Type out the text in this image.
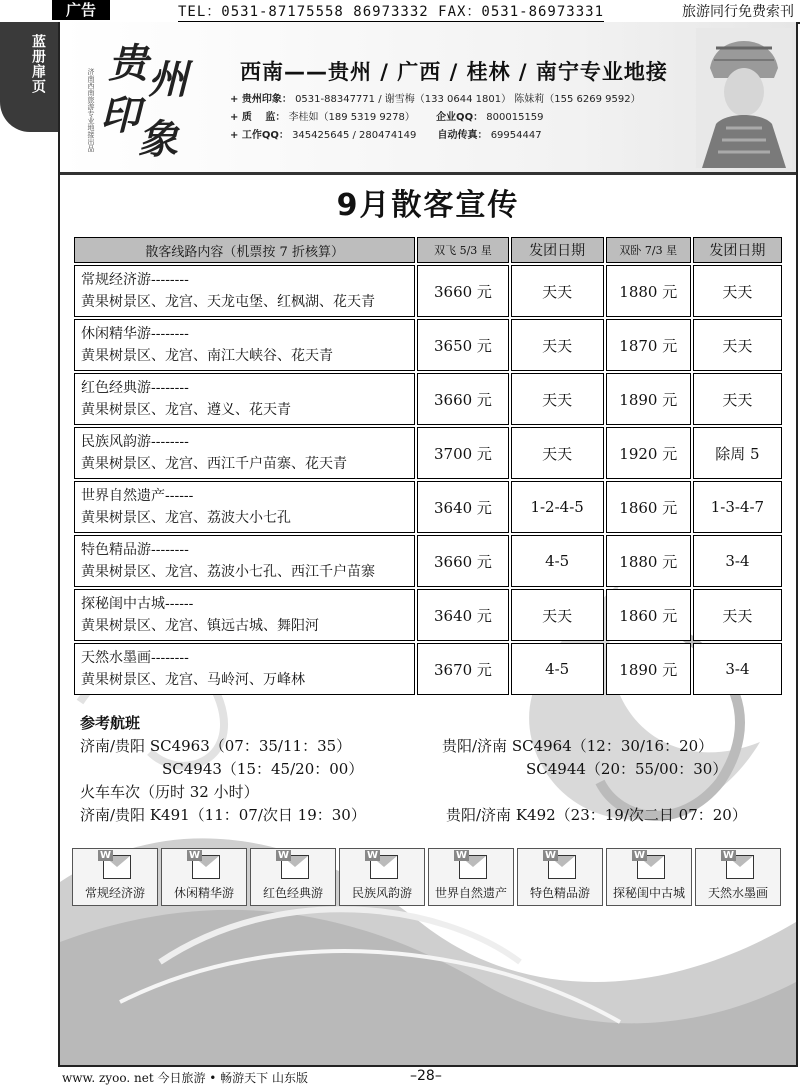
广告	TEL：0531-87175558 86973332 FAX：0531-86973331	旅游同行免费索刊
蓝册扉页 贵 州
印
象
济南西南旅游专业地接出品	西南——贵州 / 广西 / 桂林 / 南宁专业地接
+ 贵州印象： 0531-88347771 / 谢雪梅（133 0644 1801） 陈妹莉（155 6269 9592）
+ 质　 监： 李桂如（189 5319 9278） 企业QQ： 800015159
+ 工作QQ： 345425645 / 280474149 自动传真： 69954447
9月散客宣传
散客线路内容（机票按 7 折核算）	双飞 5/3 星	发团日期	双卧 7/3 星	发团日期

常规经济游--------
黄果树景区、龙宫、天龙屯堡、红枫湖、花天青	3660 元	天天	1880 元	天天

休闲精华游--------
黄果树景区、龙宫、南江大峡谷、花天青	3650 元	天天	1870 元	天天

红色经典游--------
黄果树景区、龙宫、遵义、花天青	3660 元	天天	1890 元	天天

民族风韵游--------
黄果树景区、龙宫、西江千户苗寨、花天青	3700 元	天天	1920 元	除周 5

世界自然遗产------
黄果树景区、龙宫、荔波大小七孔	3640 元	1-2-4-5	1860 元	1-3-4-7

特色精品游--------
黄果树景区、龙宫、荔波小七孔、西江千户苗寨	3660 元	4-5	1880 元	3-4

探秘闺中古城------
黄果树景区、龙宫、镇远古城、舞阳河	3640 元	天天	1860 元	天天

天然水墨画--------
黄果树景区、龙宫、马岭河、万峰林	3670 元	4-5	1890 元	3-4
参考航班
济南/贵阳 SC4963（07：35/11：35）	贵阳/济南 SC4964（12：30/16：20）
SC4943（15：45/20：00）	SC4944（20：55/00：30）
火车车次（历时 32 小时）
济南/贵阳 K491（11：07/次日 19：30）	贵阳/济南 K492（23：19/次二日 07：20）
W
常规经济游
W
休闲精华游
W
红色经典游
W
民族风韵游
W
世界自然遗产
W
特色精品游
W
探秘闺中古城
W
天然水墨画
www. zyoo. net 今日旅游 • 畅游天下 山东版	–28–
